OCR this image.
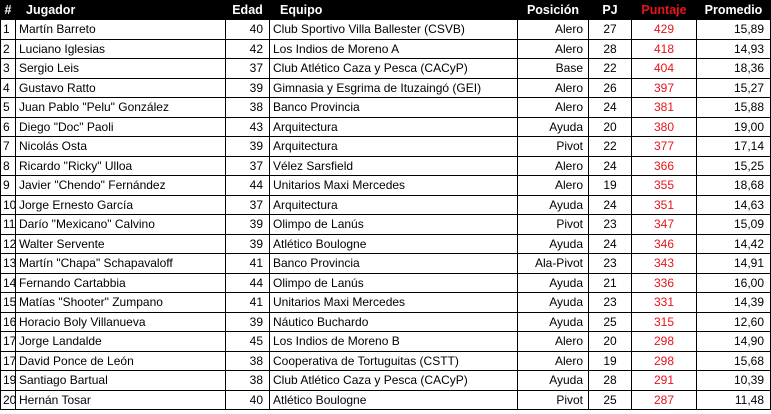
#	Jugador	Edad	Equipo	Posición	PJ	Puntaje	Promedio
1	Martín Barreto	40	Club Sportivo Villa Ballester (CSVB)	Alero	27	429	15,89
2	Luciano Iglesias	42	Los Indios de Moreno A	Alero	28	418	14,93
3	Sergio Leis	37	Club Atlético Caza y Pesca (CACyP)	Base	22	404	18,36
4	Gustavo Ratto	39	Gimnasia y Esgrima de Ituzaingó (GEI)	Alero	26	397	15,27
5	Juan Pablo "Pelu" González	38	Banco Provincia	Alero	24	381	15,88
6	Diego "Doc" Paoli	43	Arquitectura	Ayuda	20	380	19,00
7	Nicolás Osta	39	Arquitectura	Pivot	22	377	17,14
8	Ricardo "Ricky" Ulloa	37	Vélez Sarsfield	Alero	24	366	15,25
9	Javier "Chendo" Fernández	44	Unitarios Maxi Mercedes	Alero	19	355	18,68
10	Jorge Ernesto García	37	Arquitectura	Ayuda	24	351	14,63
11	Darío "Mexicano" Calvino	39	Olimpo de Lanús	Pivot	23	347	15,09
12	Walter Servente	39	Atlético Boulogne	Ayuda	24	346	14,42
13	Martín "Chapa" Schapavaloff	41	Banco Provincia	Ala-Pivot	23	343	14,91
14	Fernando Cartabbia	44	Olimpo de Lanús	Ayuda	21	336	16,00
15	Matías "Shooter" Zumpano	41	Unitarios Maxi Mercedes	Ayuda	23	331	14,39
16	Horacio Boly Villanueva	39	Náutico Buchardo	Ayuda	25	315	12,60
17	Jorge Landalde	45	Los Indios de Moreno B	Alero	20	298	14,90
17	David Ponce de León	38	Cooperativa de Tortuguitas (CSTT)	Alero	19	298	15,68
19	Santiago Bartual	38	Club Atlético Caza y Pesca (CACyP)	Ayuda	28	291	10,39
20	Hernán Tosar	40	Atlético Boulogne	Pivot	25	287	11,48
